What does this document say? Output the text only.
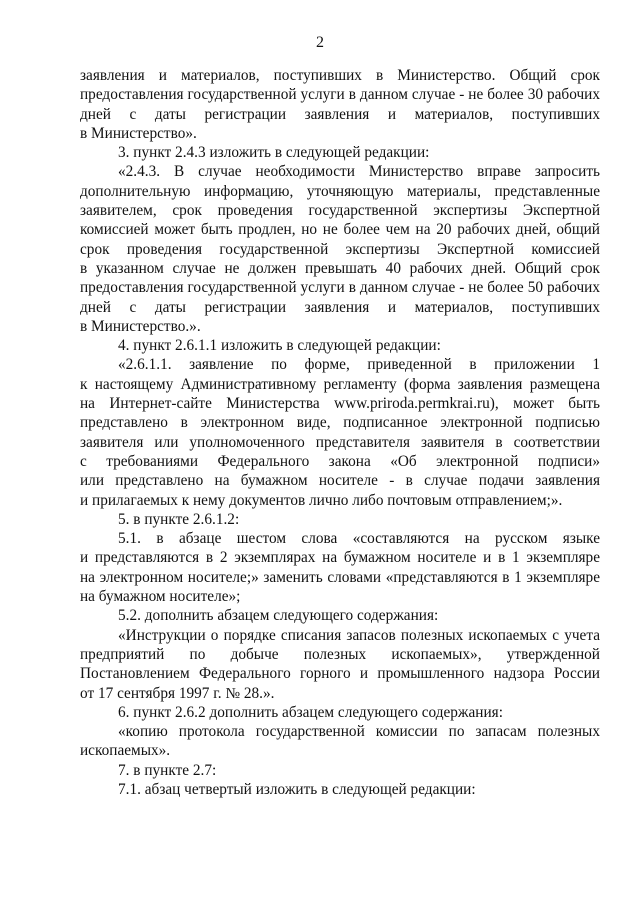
2
заявления и материалов, поступивших в Министерство. Общий срок
предоставления государственной услуги в данном случае - не более 30 рабочих
дней с даты регистрации заявления и материалов, поступивших
в Министерство».
3. пункт 2.4.3 изложить в следующей редакции:
«2.4.3. В случае необходимости Министерство вправе запросить
дополнительную информацию, уточняющую материалы, представленные
заявителем, срок проведения государственной экспертизы Экспертной
комиссией может быть продлен, но не более чем на 20 рабочих дней, общий
срок проведения государственной экспертизы Экспертной комиссией
в указанном случае не должен превышать 40 рабочих дней. Общий срок
предоставления государственной услуги в данном случае - не более 50 рабочих
дней с даты регистрации заявления и материалов, поступивших
в Министерство.».
4. пункт 2.6.1.1 изложить в следующей редакции:
«2.6.1.1. заявление по форме, приведенной в приложении 1
к настоящему Административному регламенту (форма заявления размещена
на Интернет-сайте Министерства www.priroda.permkrai.ru), может быть
представлено в электронном виде, подписанное электронной подписью
заявителя или уполномоченного представителя заявителя в соответствии
с требованиями Федерального закона «Об электронной подписи»
или представлено на бумажном носителе - в случае подачи заявления
и прилагаемых к нему документов лично либо почтовым отправлением;».
5. в пункте 2.6.1.2:
5.1. в абзаце шестом слова «составляются на русском языке
и представляются в 2 экземплярах на бумажном носителе и в 1 экземпляре
на электронном носителе;» заменить словами «представляются в 1 экземпляре
на бумажном носителе»;
5.2. дополнить абзацем следующего содержания:
«Инструкции о порядке списания запасов полезных ископаемых с учета
предприятий по добыче полезных ископаемых», утвержденной
Постановлением Федерального горного и промышленного надзора России
от 17 сентября 1997 г. № 28.».
6. пункт 2.6.2 дополнить абзацем следующего содержания:
«копию протокола государственной комиссии по запасам полезных
ископаемых».
7. в пункте 2.7:
7.1. абзац четвертый изложить в следующей редакции:
